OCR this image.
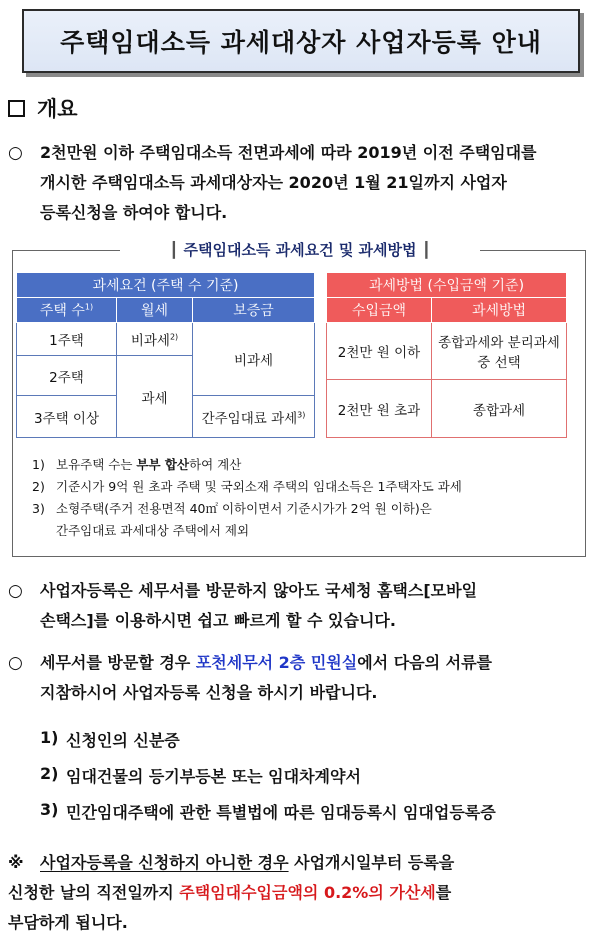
주택임대소득 과세대상자 사업자등록 안내
개요
○	2천만원 이하 주택임대소득 전면과세에 따라 2019년 이전 주택임대를
개시한 주택임대소득 과세대상자는 2020년 1월 21일까지 사업자
등록신청을 하여야 합니다.
┃ 주택임대소득 과세요건 및 과세방법 ┃
과세요건 (주택 수 기준)		
주택 수$^{1)}$	월세	보증금
1주택	비과세$^{2)}$	비과세
2주택	과세	
3주택 이상		간주임대료 과세$^{3)}$
과세방법 (수입금액 기준)	
수입금액	과세방법
2천만 원 이하	종합과세와 분리과세 중 선택
2천만 원 초과	종합과세
1) 보유주택 수는 부부 합산하여 계산
2) 기준시가 9억 원 초과 주택 및 국외소재 주택의 임대소득은 1주택자도 과세
3) 소형주택(주거 전용면적 40㎡ 이하이면서 기준시가가 2억 원 이하)은
간주임대료 과세대상 주택에서 제외
○	사업자등록은 세무서를 방문하지 않아도 국세청 홈택스[모바일
손택스]를 이용하시면 쉽고 빠르게 할 수 있습니다.
○	세무서를 방문할 경우 포천세무서 2층 민원실에서 다음의 서류를
지참하시어 사업자등록 신청을 하시기 바랍니다.
1) 신청인의 신분증
2) 임대건물의 등기부등본 또는 임대차계약서
3) 민간임대주택에 관한 특별법에 따른 임대등록시 임대업등록증
※	사업자등록을 신청하지 아니한 경우 사업개시일부터 등록을
신청한 날의 직전일까지 주택임대수입금액의 0.2%의 가산세를
부담하게 됩니다.
